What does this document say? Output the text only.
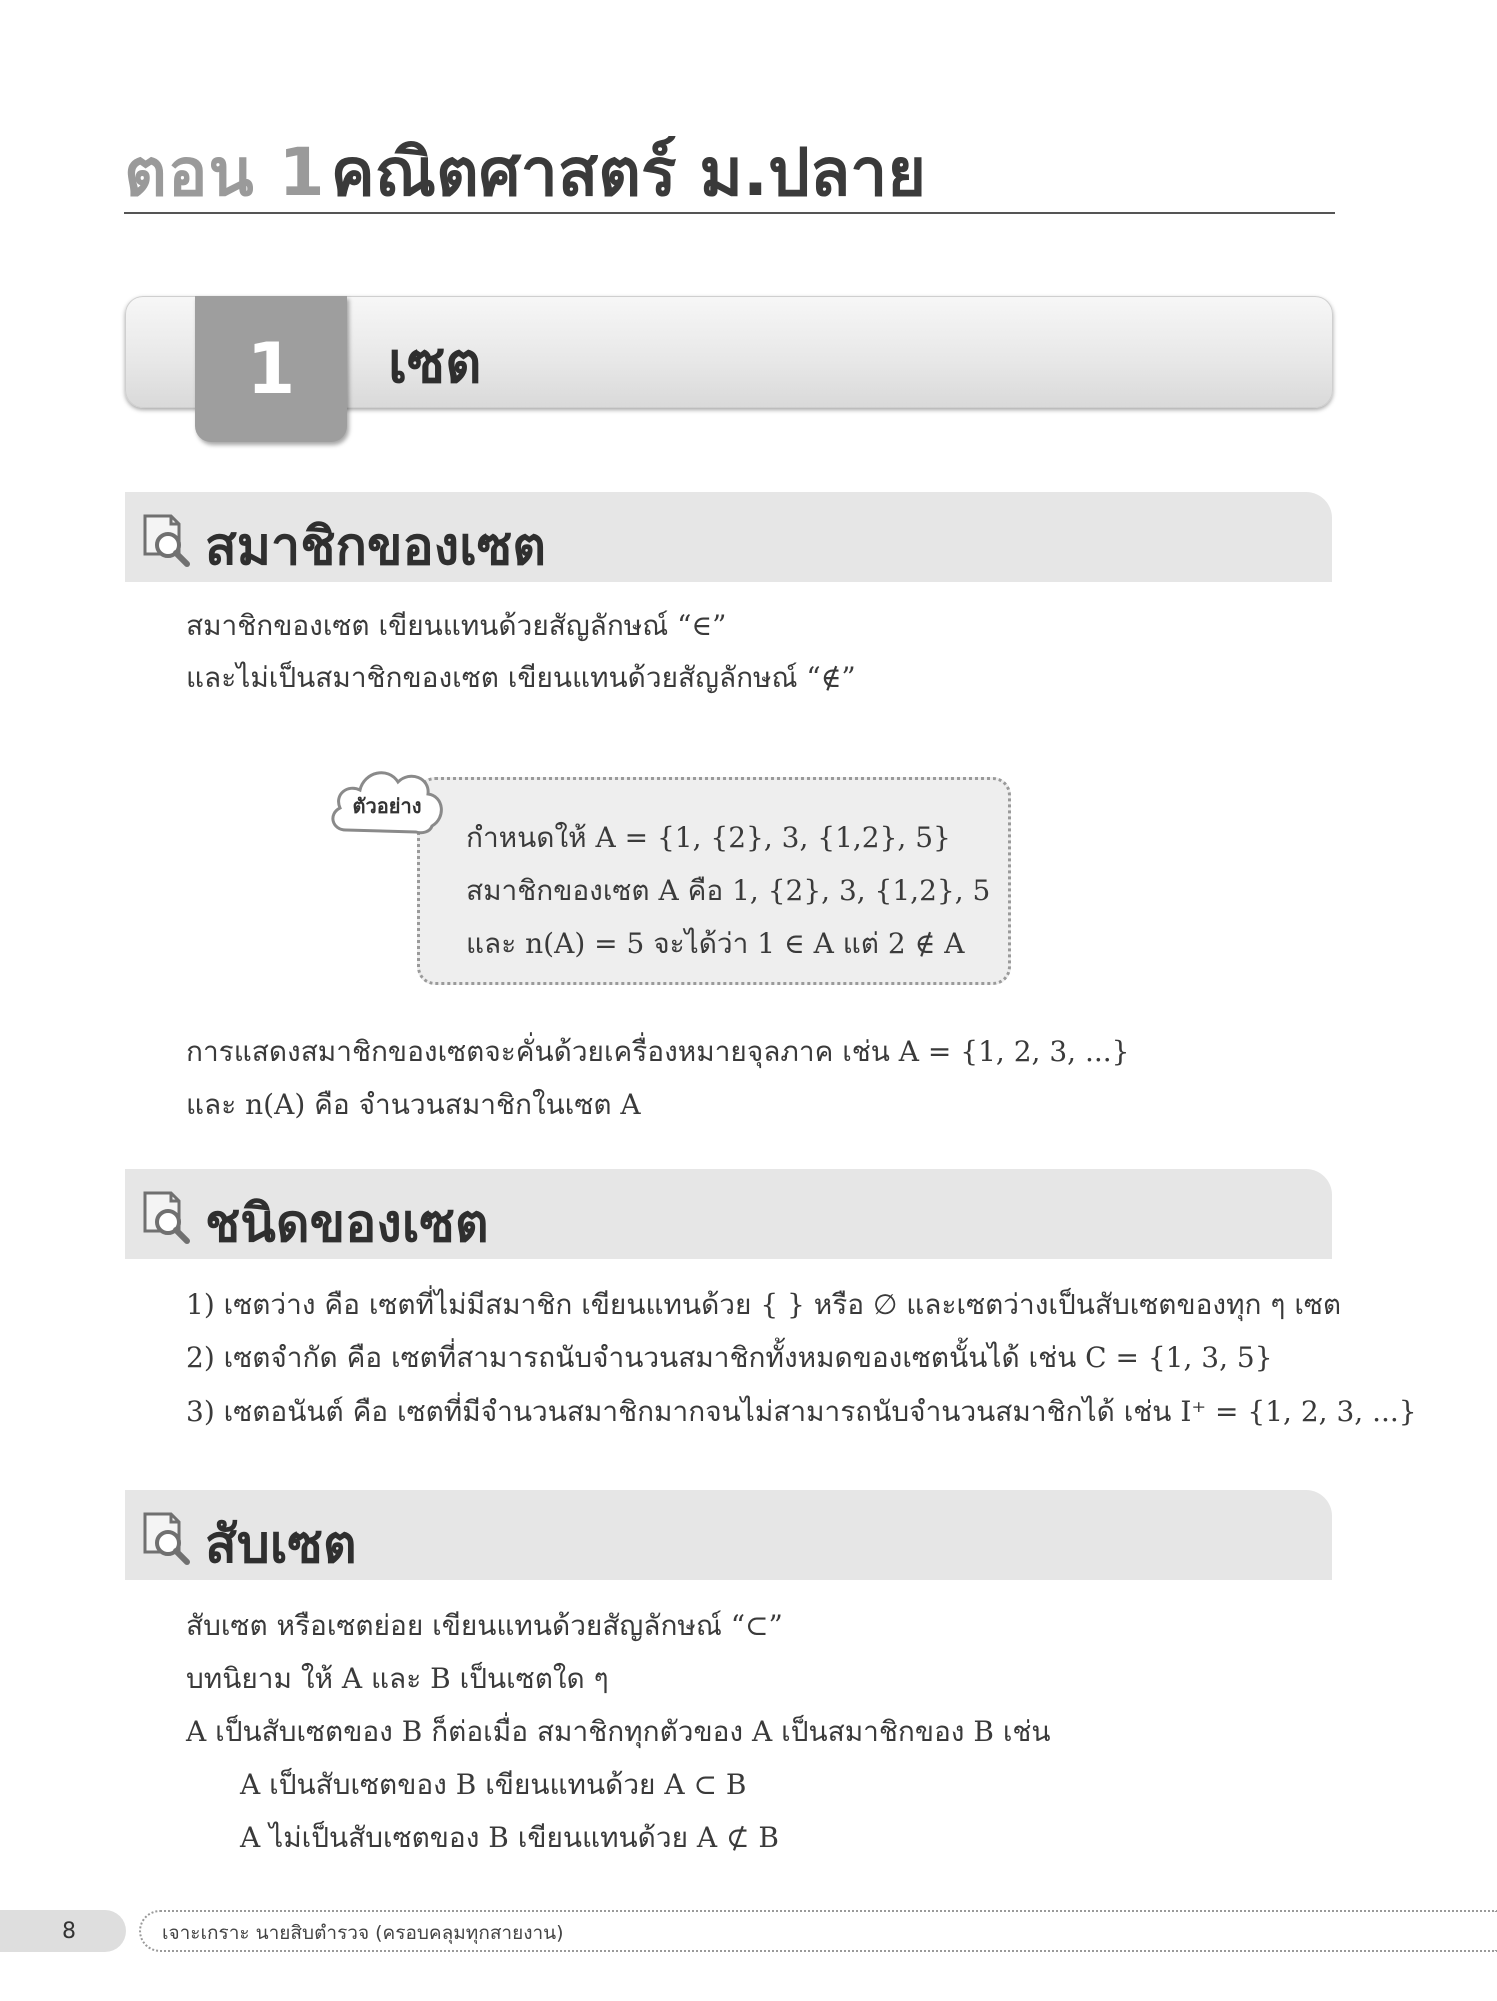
ตอน 1 คณิตศาสตร์ ม.ปลาย
1 เซต
สมาชิกของเซต
สมาชิกของเซต เขียนแทนด้วยสัญลักษณ์ “∈”
และไม่เป็นสมาชิกของเซต เขียนแทนด้วยสัญลักษณ์ “∉”
ตัวอย่าง
กำหนดให้ A = {1, {2}, 3, {1,2}, 5}
สมาชิกของเซต A คือ 1, {2}, 3, {1,2}, 5
และ n(A) = 5 จะได้ว่า 1 ∈ A แต่ 2 ∉ A
การแสดงสมาชิกของเซตจะคั่นด้วยเครื่องหมายจุลภาค เช่น A = {1, 2, 3, ...}
และ n(A) คือ จำนวนสมาชิกในเซต A
ชนิดของเซต
1) เซตว่าง คือ เซตที่ไม่มีสมาชิก เขียนแทนด้วย { } หรือ ∅ และเซตว่างเป็นสับเซตของทุก ๆ เซต
2) เซตจำกัด คือ เซตที่สามารถนับจำนวนสมาชิกทั้งหมดของเซตนั้นได้ เช่น C = {1, 3, 5}
3) เซตอนันต์ คือ เซตที่มีจำนวนสมาชิกมากจนไม่สามารถนับจำนวนสมาชิกได้ เช่น I⁺ = {1, 2, 3, ...}
สับเซต
สับเซต หรือเซตย่อย เขียนแทนด้วยสัญลักษณ์ “⊂”
บทนิยาม ให้ A และ B เป็นเซตใด ๆ
A เป็นสับเซตของ B ก็ต่อเมื่อ สมาชิกทุกตัวของ A เป็นสมาชิกของ B เช่น
A เป็นสับเซตของ B เขียนแทนด้วย A ⊂ B
A ไม่เป็นสับเซตของ B เขียนแทนด้วย A ⊄ B
8	เจาะเกราะ นายสิบตำรวจ (ครอบคลุมทุกสายงาน)
